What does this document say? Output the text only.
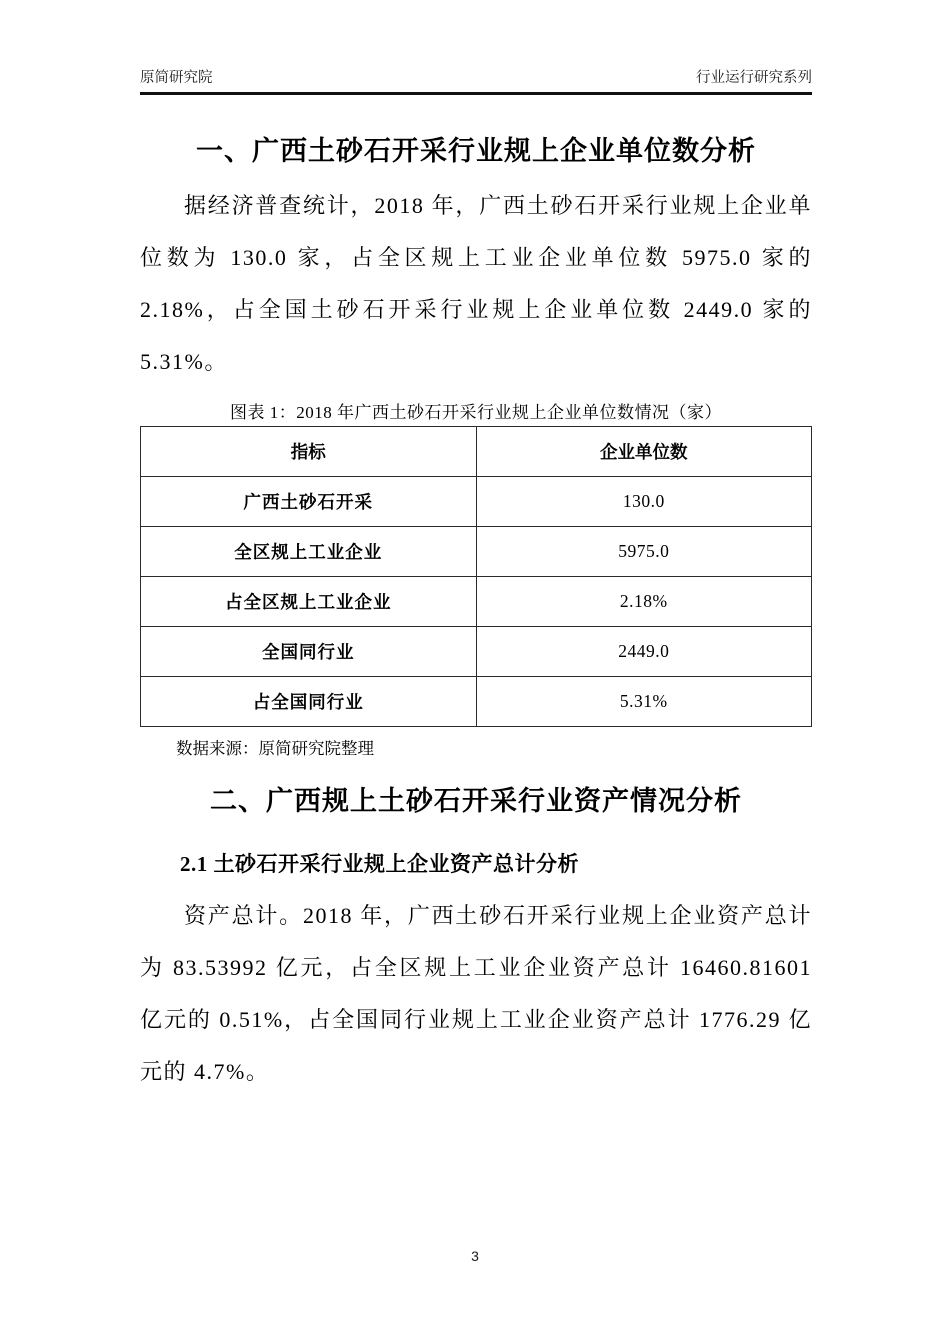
原简研究院	行业运行研究系列
一、广西土砂石开采行业规上企业单位数分析

据经济普查统计，2018 年，广西土砂石开采行业规上企业单位数为 130.0 家，占全区规上工业企业单位数 5975.0 家的 2.18%，占全国土砂石开采行业规上企业单位数 2449.0 家的 5.31%。

图表 1：2018 年广西土砂石开采行业规上企业单位数情况（家）
指标	企业单位数
广西土砂石开采	130.0
全区规上工业企业	5975.0
占全区规上工业企业	2.18%
全国同行业	2449.0
占全国同行业	5.31%
数据来源：原简研究院整理
二、广西规上土砂石开采行业资产情况分析
2.1 土砂石开采行业规上企业资产总计分析

资产总计。2018 年，广西土砂石开采行业规上企业资产总计为 83.53992 亿元，占全区规上工业企业资产总计 16460.81601 亿元的 0.51%，占全国同行业规上工业企业资产总计 1776.29 亿元的 4.7%。

3
